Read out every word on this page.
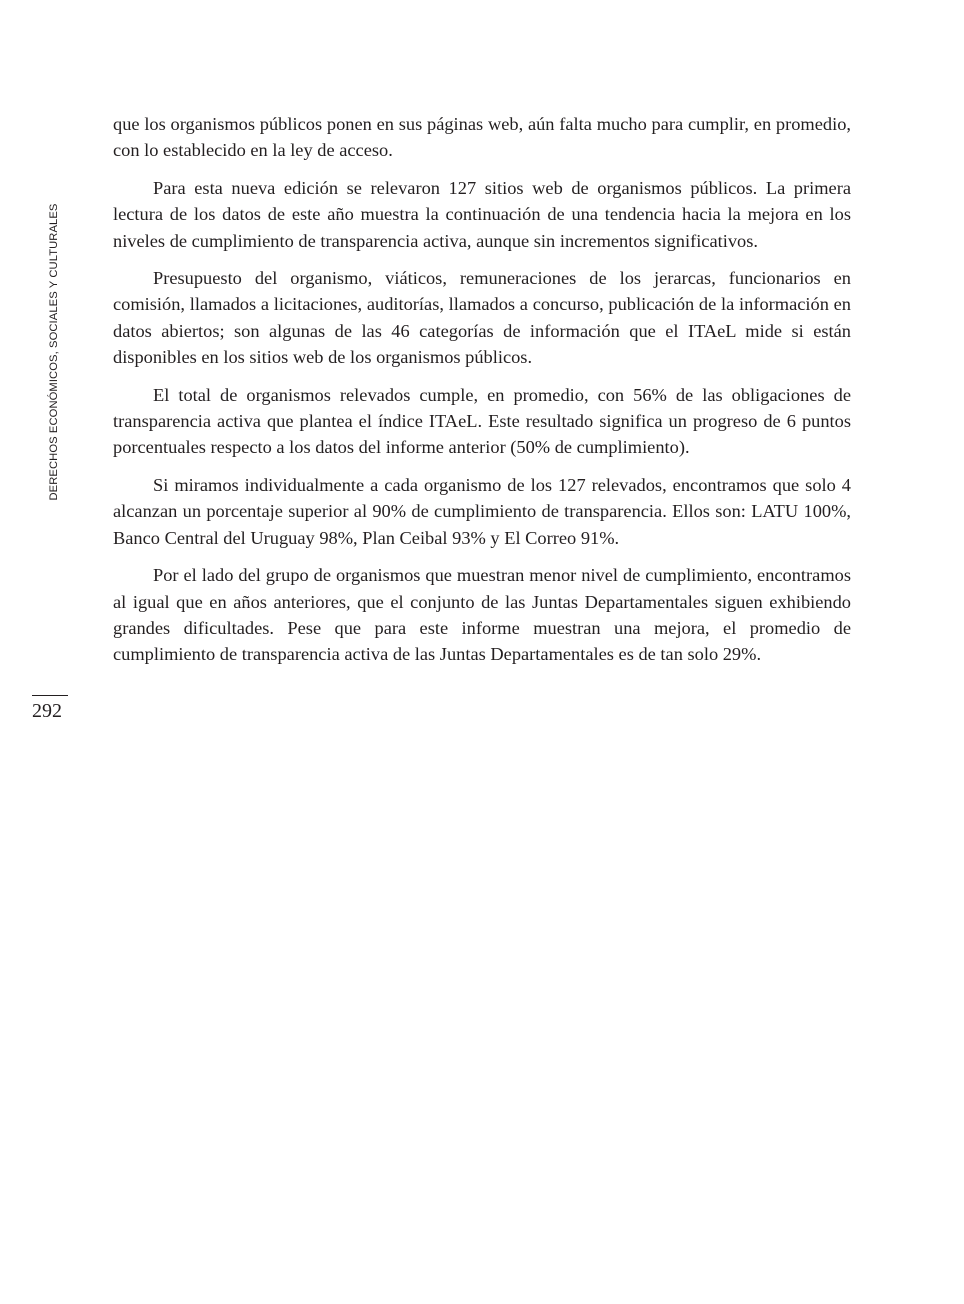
DERECHOS ECONÓMICOS, SOCIALES Y CULTURALES
292

que los organismos públicos ponen en sus páginas web, aún falta mucho para cumplir, en promedio, con lo establecido en la ley de acceso.

Para esta nueva edición se relevaron 127 sitios web de organismos públicos. La primera lectura de los datos de este año muestra la continuación de una tendencia hacia la mejora en los niveles de cumplimiento de transparencia activa, aunque sin incrementos significativos.

Presupuesto del organismo, viáticos, remuneraciones de los jerarcas, funcionarios en comisión, llamados a licitaciones, auditorías, llamados a concurso, publicación de la información en datos abiertos; son algunas de las 46 categorías de información que el ITAeL mide si están disponibles en los sitios web de los organismos públicos.

El total de organismos relevados cumple, en promedio, con 56% de las obligaciones de transparencia activa que plantea el índice ITAeL. Este resultado significa un progreso de 6 puntos porcentuales respecto a los datos del informe anterior (50% de cumplimiento).

Si miramos individualmente a cada organismo de los 127 relevados, encontramos que solo 4 alcanzan un porcentaje superior al 90% de cumplimiento de transparencia. Ellos son: LATU 100%, Banco Central del Uruguay 98%, Plan Ceibal 93% y El Correo 91%.

Por el lado del grupo de organismos que muestran menor nivel de cumplimiento, encontramos al igual que en años anteriores, que el conjunto de las Juntas Departamentales siguen exhibiendo grandes dificultades. Pese que para este informe muestran una mejora, el promedio de cumplimiento de transparencia activa de las Juntas Departamentales es de tan solo 29%.
